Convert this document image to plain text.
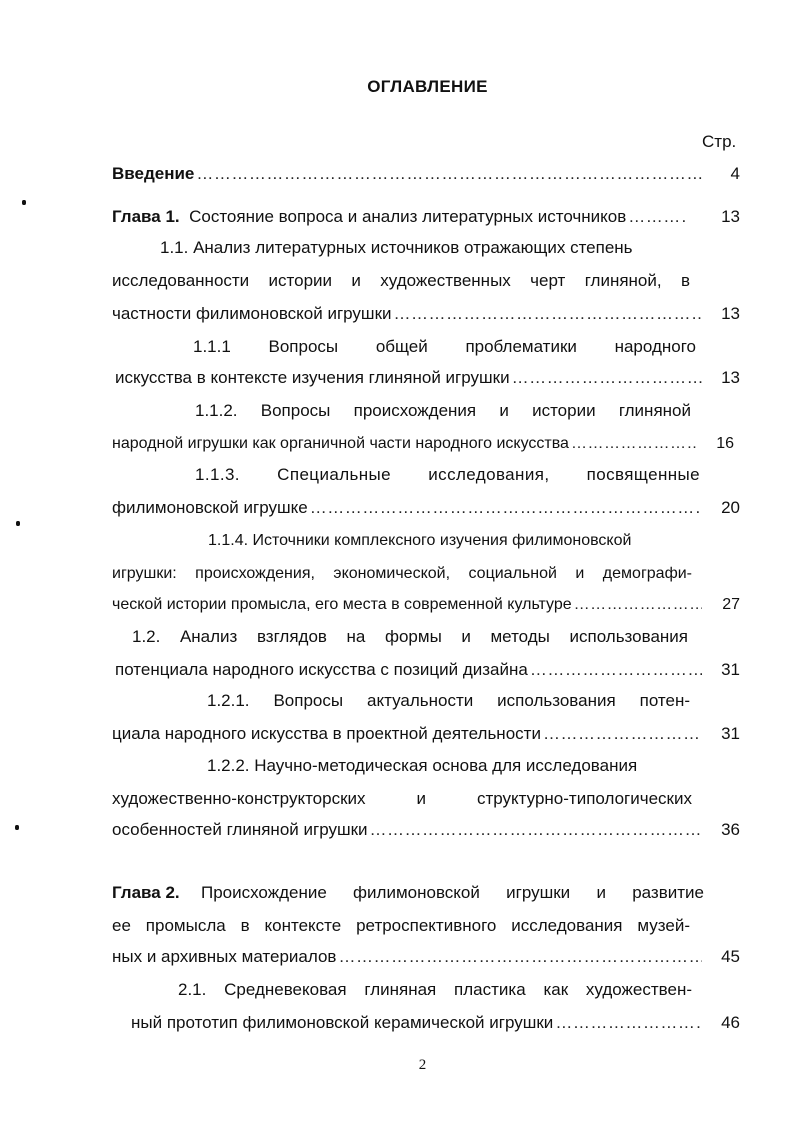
ОГЛАВЛЕНИЕ
Стр.
Введение ……………………………………………………………………………………………………………………………………	4
Глава 1. Состояние вопроса и анализ литературных источников ……………………………………………………………………………………………………………………………………	13
1.1. Анализ литературных источников отражающих степень
исследованности истории и художественных черт глиняной, в
частности филимоновской игрушки ……………………………………………………………………………………………………………………………………	13
1.1.1 Вопросы общей проблематики народного
искусства в контексте изучения глиняной игрушки ……………………………………………………………………………………………………………………………………	13
1.1.2. Вопросы происхождения и истории глиняной
народной игрушки как органичной части народного искусства ……………………………………………………………………………………………………………………………………	16
1.1.3. Специальные исследования, посвященные
филимоновской игрушке ……………………………………………………………………………………………………………………………………	20
1.1.4. Источники комплексного изучения филимоновской
игрушки: происхождения, экономической, социальной и демографи-
ческой истории промысла, его места в современной культуре ……………………………………………………………………………………………………………………………………	27
1.2. Анализ взглядов на формы и методы использования
потенциала народного искусства с позиций дизайна ……………………………………………………………………………………………………………………………………	31
1.2.1. Вопросы актуальности использования потен-
циала народного искусства в проектной деятельности ……………………………………………………………………………………………………………………………………	31
1.2.2. Научно-методическая основа для исследования
художественно-конструкторских и структурно-типологических
особенностей глиняной игрушки ……………………………………………………………………………………………………………………………………	36
Глава 2. Происхождение филимоновской игрушки и развитие
ее промысла в контексте ретроспективного исследования музей-
ных и архивных материалов ……………………………………………………………………………………………………………………………………	45
2.1. Средневековая глиняная пластика как художествен-
ный прототип филимоновской керамической игрушки ……………………………………………………………………………………………………………………………………	46
2
